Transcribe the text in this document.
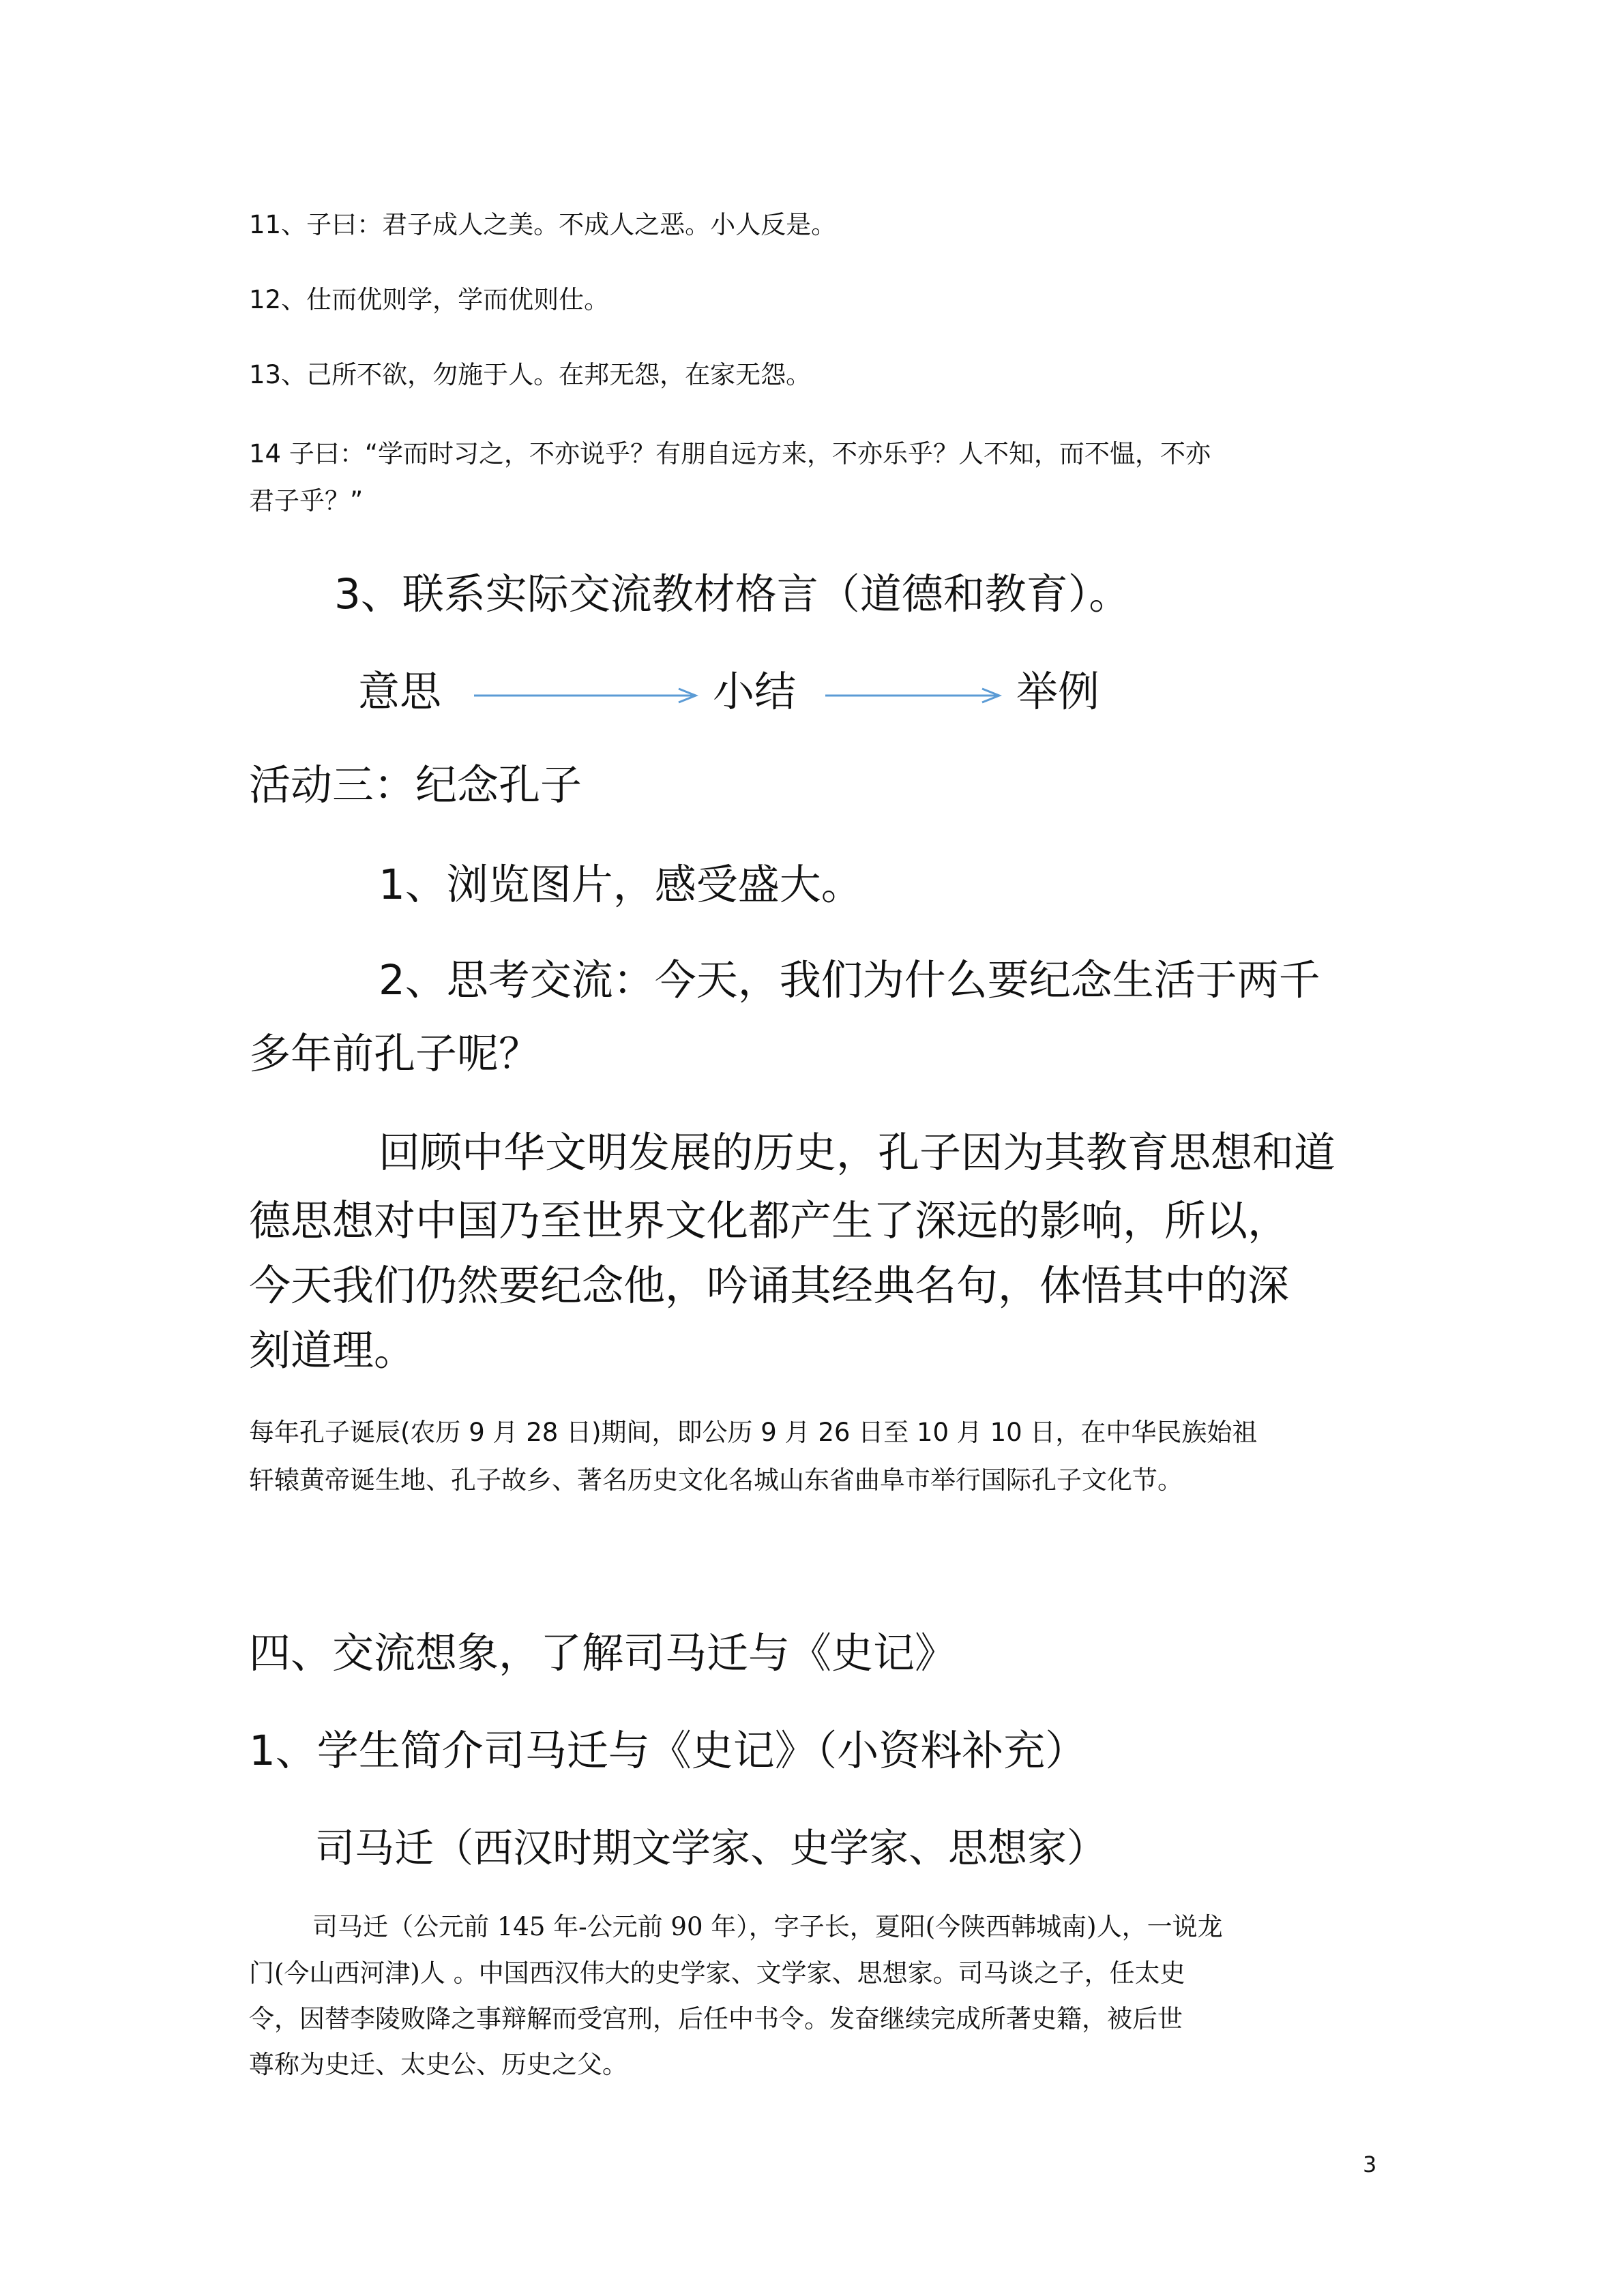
11、子曰：君子成人之美。不成人之恶。小人反是。

12、仕而优则学，学而优则仕。

13、己所不欲，勿施于人。在邦无怨，在家无怨。

14 子曰：“学而时习之，不亦说乎？有朋自远方来，不亦乐乎？人不知，而不愠，不亦

君子乎？”

3、联系实际交流教材格言（道德和教育）。

意思	小结	举例

活动三：纪念孔子

1、浏览图片，感受盛大。

2、思考交流：今天，我们为什么要纪念生活于两千

多年前孔子呢？

回顾中华文明发展的历史，孔子因为其教育思想和道

德思想对中国乃至世界文化都产生了深远的影响，所以，

今天我们仍然要纪念他，吟诵其经典名句，体悟其中的深

刻道理。

每年孔子诞辰(农历 9 月 28 日)期间，即公历 9 月 26 日至 10 月 10 日，在中华民族始祖

轩辕黄帝诞生地、孔子故乡、著名历史文化名城山东省曲阜市举行国际孔子文化节。

四、交流想象，了解司马迁与《史记》

1、学生简介司马迁与《史记》（小资料补充）

司马迁（西汉时期文学家、史学家、思想家）

司马迁（公元前 145 年-公元前 90 年），字子长，夏阳(今陕西韩城南)人，一说龙

门(今山西河津)人 。中国西汉伟大的史学家、文学家、思想家。司马谈之子，任太史

令，因替李陵败降之事辩解而受宫刑，后任中书令。发奋继续完成所著史籍，被后世

尊称为史迁、太史公、历史之父。

3
